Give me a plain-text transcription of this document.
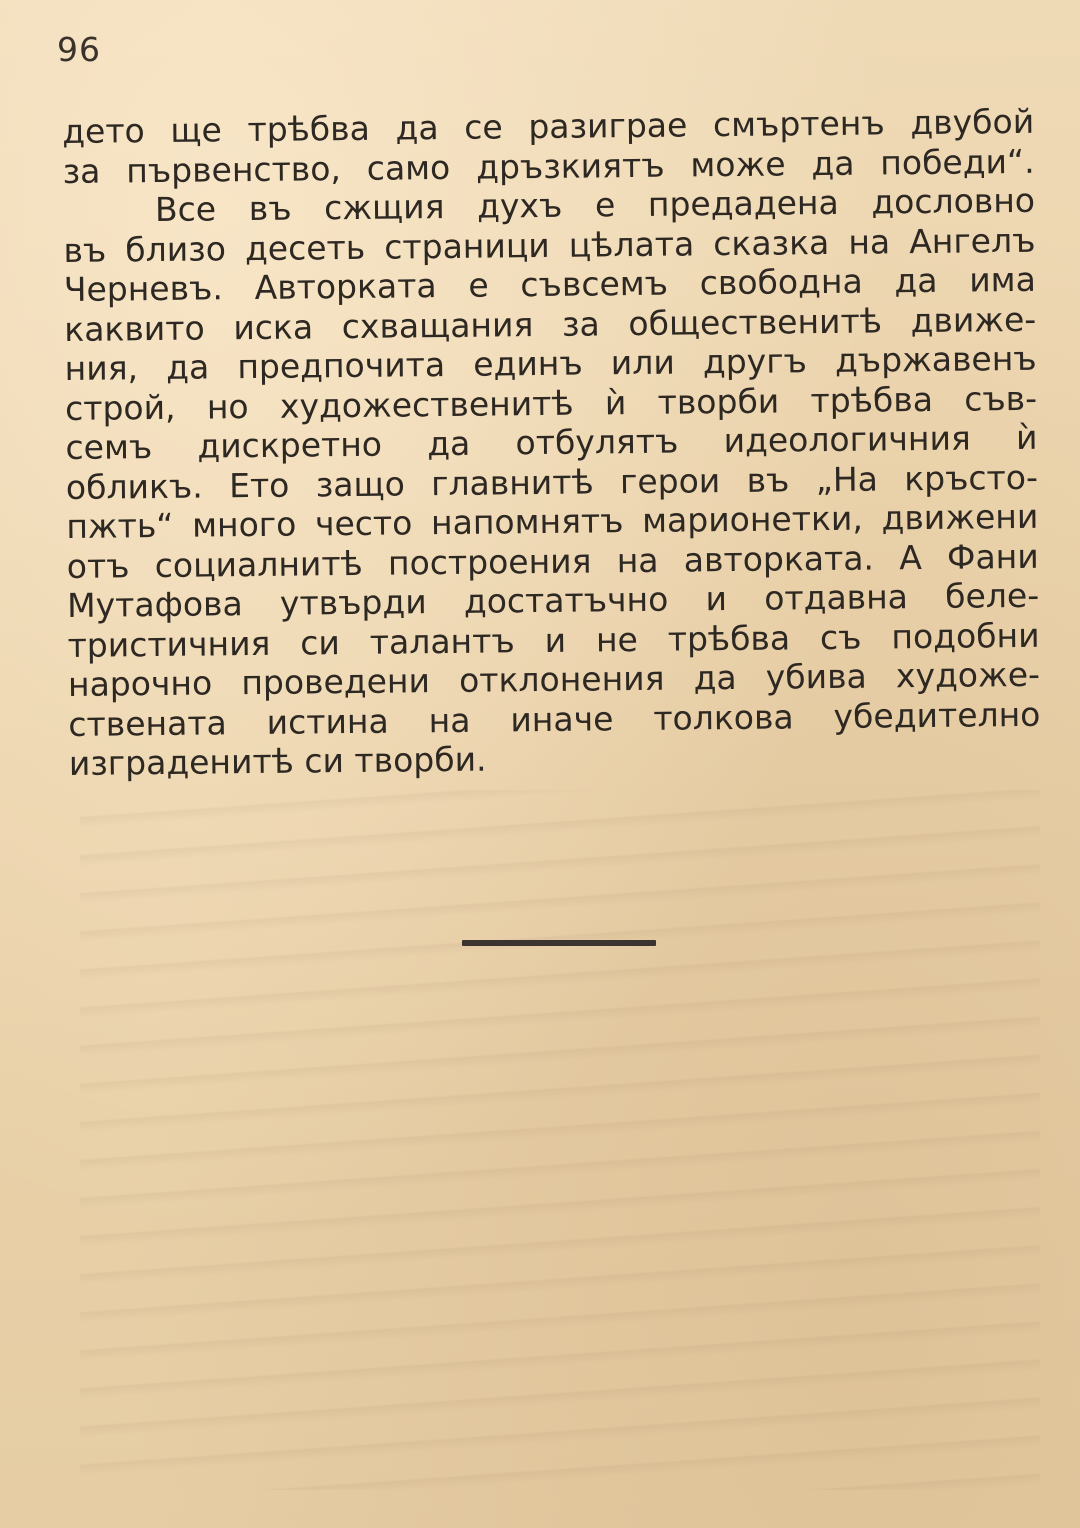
96
дето ще трѣбва да се разиграе смъртенъ двубой
за първенство, само дръзкиятъ може да победи“.
Все въ сжщия духъ е предадена дословно
въ близо десеть страници цѣлата сказка на Ангелъ
Черневъ. Авторката е съвсемъ свободна да има
каквито иска схващания за общественитѣ движе-
ния, да предпочита единъ или другъ държавенъ
строй, но художественитѣ ѝ творби трѣбва съв-
семъ дискретно да отбулятъ идеологичния ѝ
обликъ. Ето защо главнитѣ герои въ „На кръсто-
пжть“ много често напомнятъ марионетки, движени
отъ социалнитѣ построения на авторката. А Фани
Мутафова утвърди достатъчно и отдавна беле-
тристичния си талантъ и не трѣбва съ подобни
нарочно проведени отклонения да убива художе-
ствената истина на иначе толкова убедително
изграденитѣ си творби.
